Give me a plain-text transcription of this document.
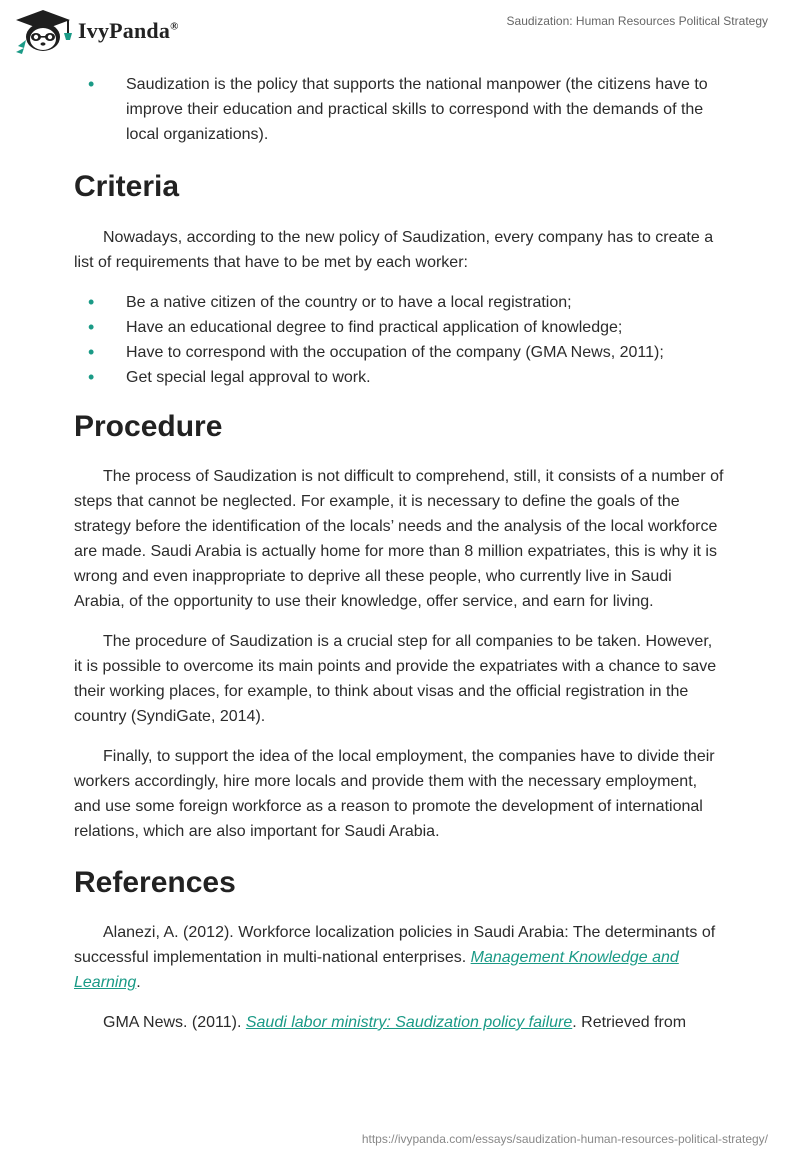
IvyPanda®	Saudization: Human Resources Political Strategy
• Saudization is the policy that supports the national manpower (the citizens have to improve their education and practical skills to correspond with the demands of the local organizations).
Criteria

Nowadays, according to the new policy of Saudization, every company has to create a list of requirements that have to be met by each worker:

• Be a native citizen of the country or to have a local registration;
• Have an educational degree to find practical application of knowledge;
• Have to correspond with the occupation of the company (GMA News, 2011);
• Get special legal approval to work.
Procedure

The process of Saudization is not difficult to comprehend, still, it consists of a number of steps that cannot be neglected. For example, it is necessary to define the goals of the strategy before the identification of the locals’ needs and the analysis of the local workforce are made. Saudi Arabia is actually home for more than 8 million expatriates, this is why it is wrong and even inappropriate to deprive all these people, who currently live in Saudi Arabia, of the opportunity to use their knowledge, offer service, and earn for living.

The procedure of Saudization is a crucial step for all companies to be taken. However, it is possible to overcome its main points and provide the expatriates with a chance to save their working places, for example, to think about visas and the official registration in the country (SyndiGate, 2014).

Finally, to support the idea of the local employment, the companies have to divide their workers accordingly, hire more locals and provide them with the necessary employment, and use some foreign workforce as a reason to promote the development of international relations, which are also important for Saudi Arabia.

References

Alanezi, A. (2012). Workforce localization policies in Saudi Arabia: The determinants of successful implementation in multi-national enterprises. Management Knowledge and Learning.

GMA News. (2011). Saudi labor ministry: Saudization policy failure. Retrieved from

https://ivypanda.com/essays/saudization-human-resources-political-strategy/
